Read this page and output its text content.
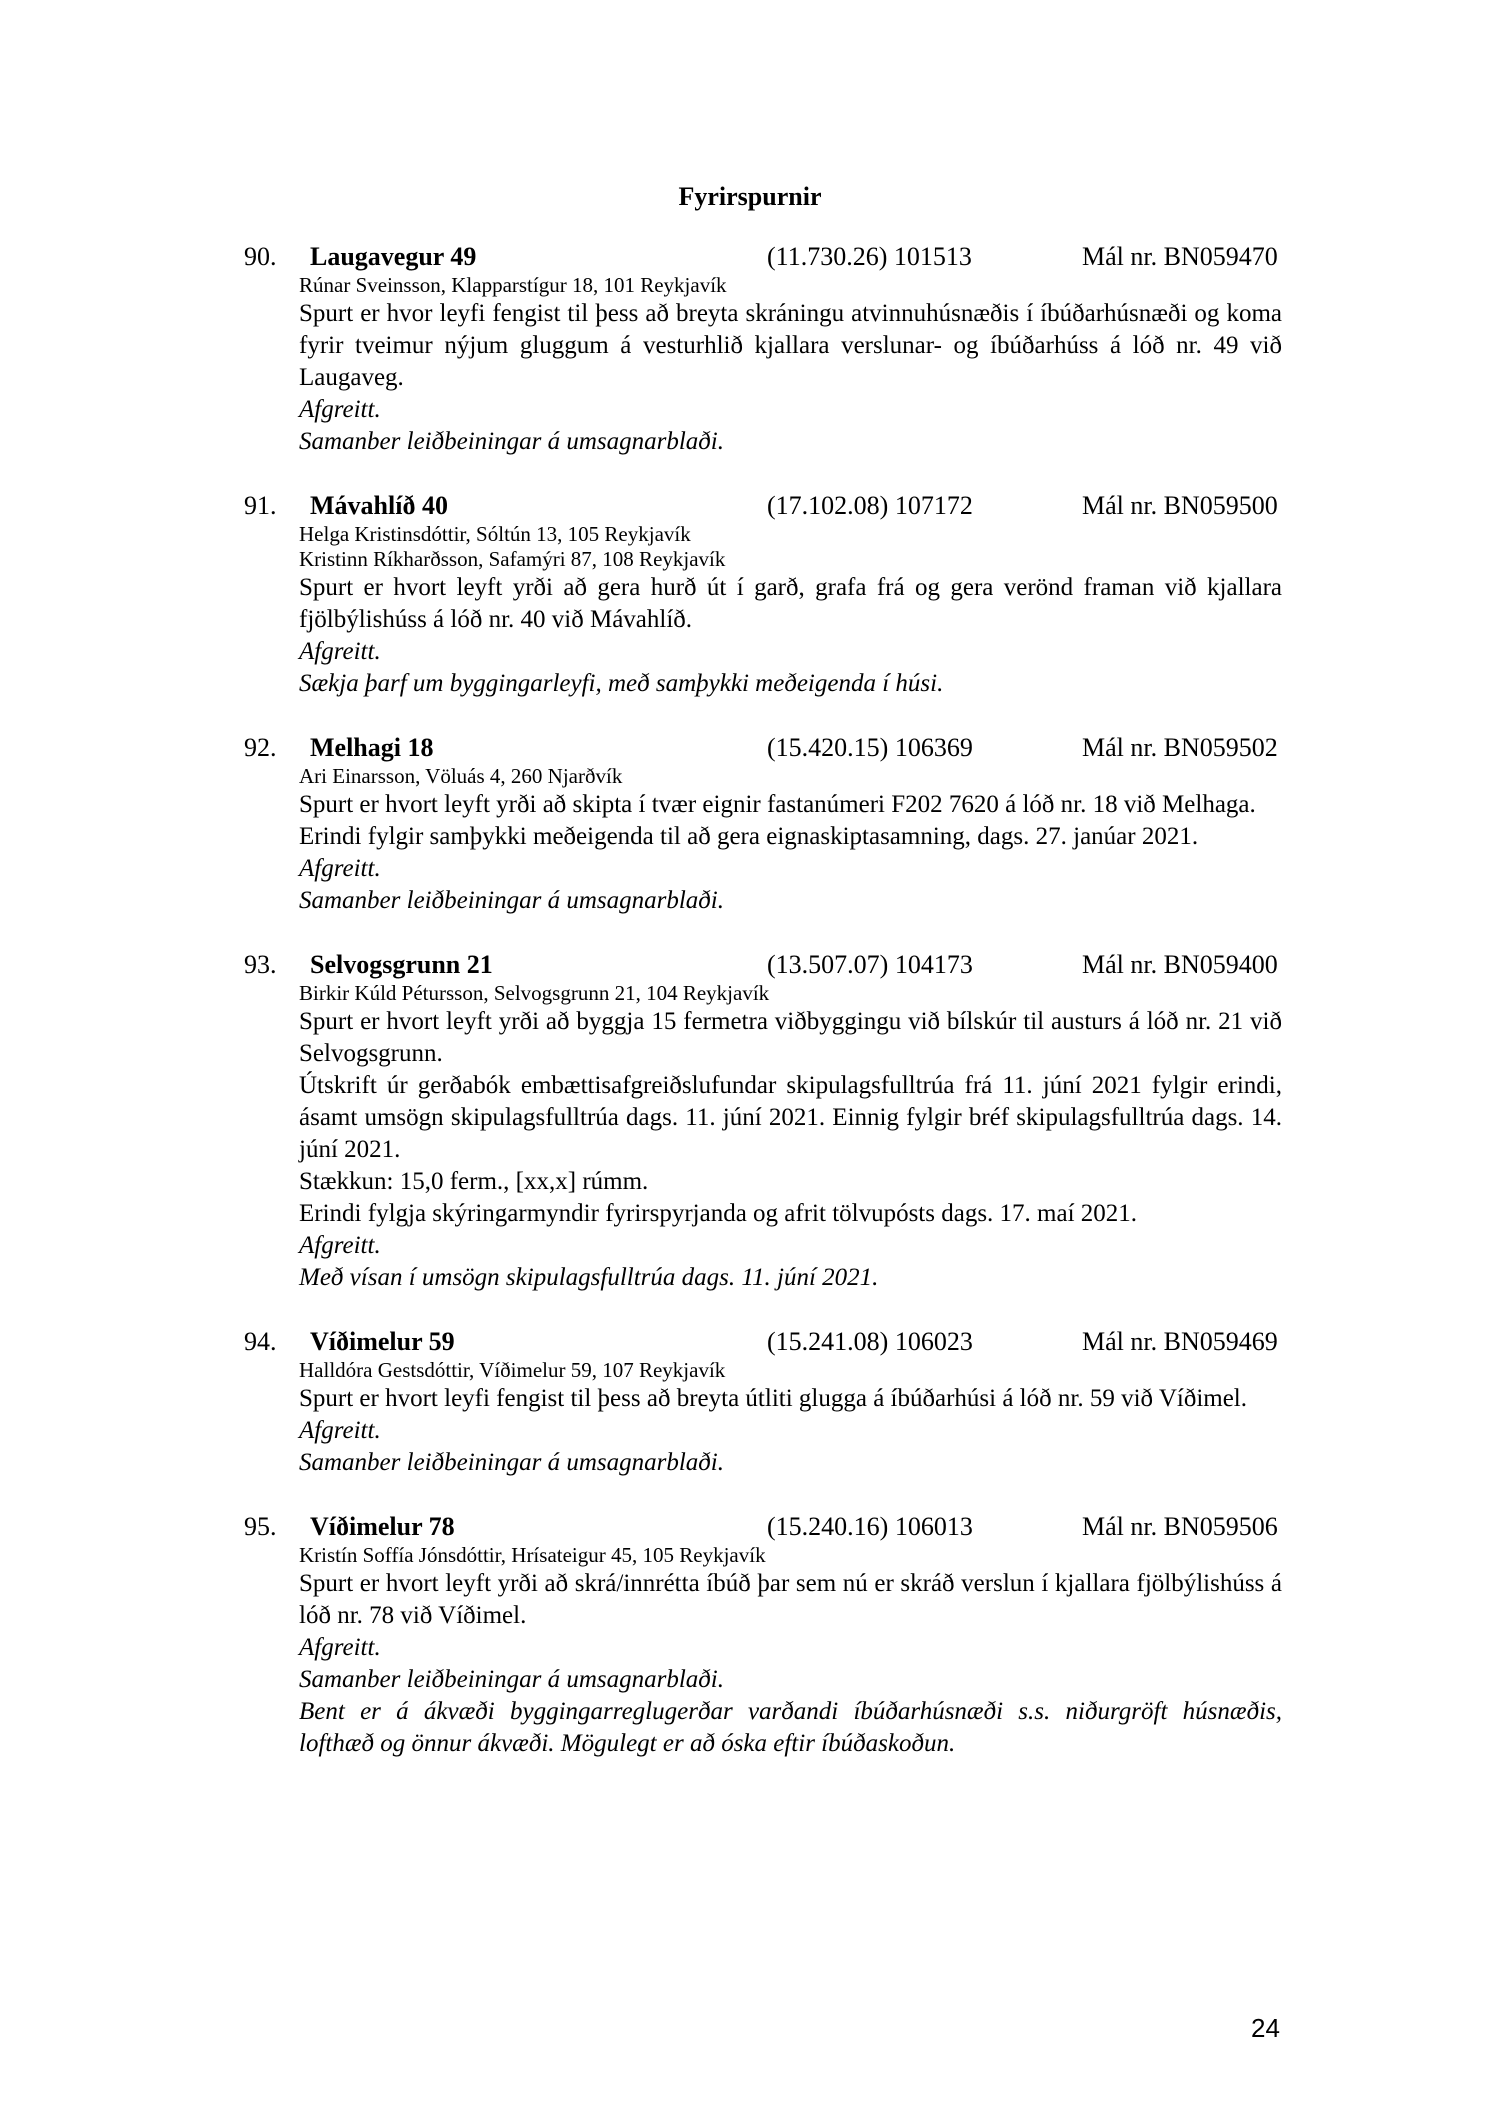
Fyrirspurnir
90. Laugavegur 49	(11.730.26) 101513	Mál nr. BN059470
Rúnar Sveinsson, Klapparstígur 18, 101 Reykjavík
Spurt er hvor leyfi fengist til þess að breyta skráningu atvinnuhúsnæðis í íbúðarhúsnæði og koma fyrir tveimur nýjum gluggum á vesturhlið kjallara verslunar- og íbúðarhúss á lóð nr. 49 við Laugaveg.
Afgreitt.
Samanber leiðbeiningar á umsagnarblaði.
91. Mávahlíð 40	(17.102.08) 107172	Mál nr. BN059500
Helga Kristinsdóttir, Sóltún 13, 105 Reykjavík
Kristinn Ríkharðsson, Safamýri 87, 108 Reykjavík
Spurt er hvort leyft yrði að gera hurð út í garð, grafa frá og gera verönd framan við kjallara fjölbýlishúss á lóð nr. 40 við Mávahlíð.
Afgreitt.
Sækja þarf um byggingarleyfi, með samþykki meðeigenda í húsi.
92. Melhagi 18	(15.420.15) 106369	Mál nr. BN059502
Ari Einarsson, Völuás 4, 260 Njarðvík
Spurt er hvort leyft yrði að skipta í tvær eignir fastanúmeri F202 7620 á lóð nr. 18 við Melhaga.
Erindi fylgir samþykki meðeigenda til að gera eignaskiptasamning, dags. 27. janúar 2021.
Afgreitt.
Samanber leiðbeiningar á umsagnarblaði.
93. Selvogsgrunn 21	(13.507.07) 104173	Mál nr. BN059400
Birkir Kúld Pétursson, Selvogsgrunn 21, 104 Reykjavík
Spurt er hvort leyft yrði að byggja 15 fermetra viðbyggingu við bílskúr til austurs á lóð nr. 21 við Selvogsgrunn.
Útskrift úr gerðabók embættisafgreiðslufundar skipulagsfulltrúa frá 11. júní 2021 fylgir erindi, ásamt umsögn skipulagsfulltrúa dags. 11. júní 2021. Einnig fylgir bréf skipulagsfulltrúa dags. 14. júní 2021.
Stækkun: 15,0 ferm., [xx,x] rúmm.
Erindi fylgja skýringarmyndir fyrirspyrjanda og afrit tölvupósts dags. 17. maí 2021.
Afgreitt.
Með vísan í umsögn skipulagsfulltrúa dags. 11. júní 2021.
94. Víðimelur 59	(15.241.08) 106023	Mál nr. BN059469
Halldóra Gestsdóttir, Víðimelur 59, 107 Reykjavík
Spurt er hvort leyfi fengist til þess að breyta útliti glugga á íbúðarhúsi á lóð nr. 59 við Víðimel.
Afgreitt.
Samanber leiðbeiningar á umsagnarblaði.
95. Víðimelur 78	(15.240.16) 106013	Mál nr. BN059506
Kristín Soffía Jónsdóttir, Hrísateigur 45, 105 Reykjavík
Spurt er hvort leyft yrði að skrá/innrétta íbúð þar sem nú er skráð verslun í kjallara fjölbýlishúss á lóð nr. 78 við Víðimel.
Afgreitt.
Samanber leiðbeiningar á umsagnarblaði.
Bent er á ákvæði byggingarreglugerðar varðandi íbúðarhúsnæði s.s. niðurgröft húsnæðis, lofthæð og önnur ákvæði. Mögulegt er að óska eftir íbúðaskoðun.
24
